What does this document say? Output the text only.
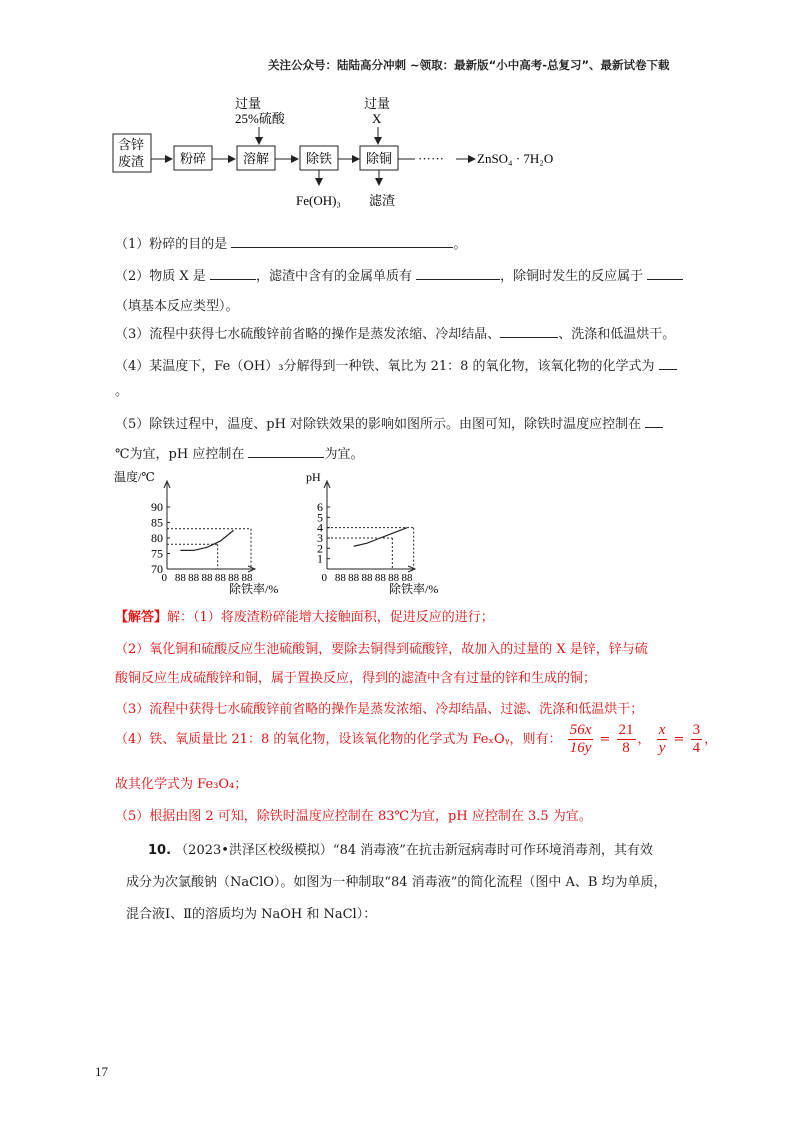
关注公众号：陆陆高分冲刺 ~领取：最新版“小中高考-总复习”、最新试卷下载
过量
25%硫酸
过量
X
含锌
废渣	粉碎	溶解	除铁	除铜 ······	ZnSO₄ · 7H₂O
Fe(OH)₃ 滤渣
（1）粉碎的目的是	。
（2）物质 X 是	，滤渣中含有的金属单质有	，除铜时发生的反应属于
（填基本反应类型）。
（3）流程中获得七水硫酸锌前省略的操作是蒸发浓缩、冷却结晶、	、洗涤和低温烘干。
（4）某温度下，Fe（OH）₃分解得到一种铁、氧比为 21：8 的氧化物，该氧化物的化学式为
。
（5）除铁过程中，温度、pH 对除铁效果的影响如图所示。由图可知，除铁时温度应控制在
℃为宜，pH 应控制在	为宜。
温度/℃
90
85
80
75
70
0 88 88 88 88 88 88
除铁率/%
pH
6
5
4
3
2
1
0 88 88 88 88 88 88
除铁率/%
【解答】解：（1）将废渣粉碎能增大接触面积，促进反应的进行；
（2）氧化铜和硫酸反应生池硫酸铜，要除去铜得到硫酸锌，故加入的过量的 X 是锌，锌与硫
酸铜反应生成硫酸锌和铜，属于置换反应，得到的滤渣中含有过量的锌和生成的铜；
（3）流程中获得七水硫酸锌前省略的操作是蒸发浓缩、冷却结晶、过滤、洗涤和低温烘干；
（4）铁、氧质量比 21：8 的氧化物，设该氧化物的化学式为 FeₓOᵧ，则有： $\frac{56x}{16y} = \frac{21}{8}$ ， $\frac{x}{y} = \frac{3}{4}$ ，
故其化学式为 Fe₃O₄；
（5）根据由图 2 可知，除铁时温度应控制在 83℃为宜，pH 应控制在 3.5 为宜。
10. （2023•洪泽区校级模拟）“84 消毒液”在抗击新冠病毒时可作环境消毒剂，其有效
成分为次氯酸钠（NaClO）。如图为一种制取“84 消毒液”的简化流程（图中 A、B 均为单质，
混合液Ⅰ、Ⅱ的溶质均为 NaOH 和 NaCl）：
17
